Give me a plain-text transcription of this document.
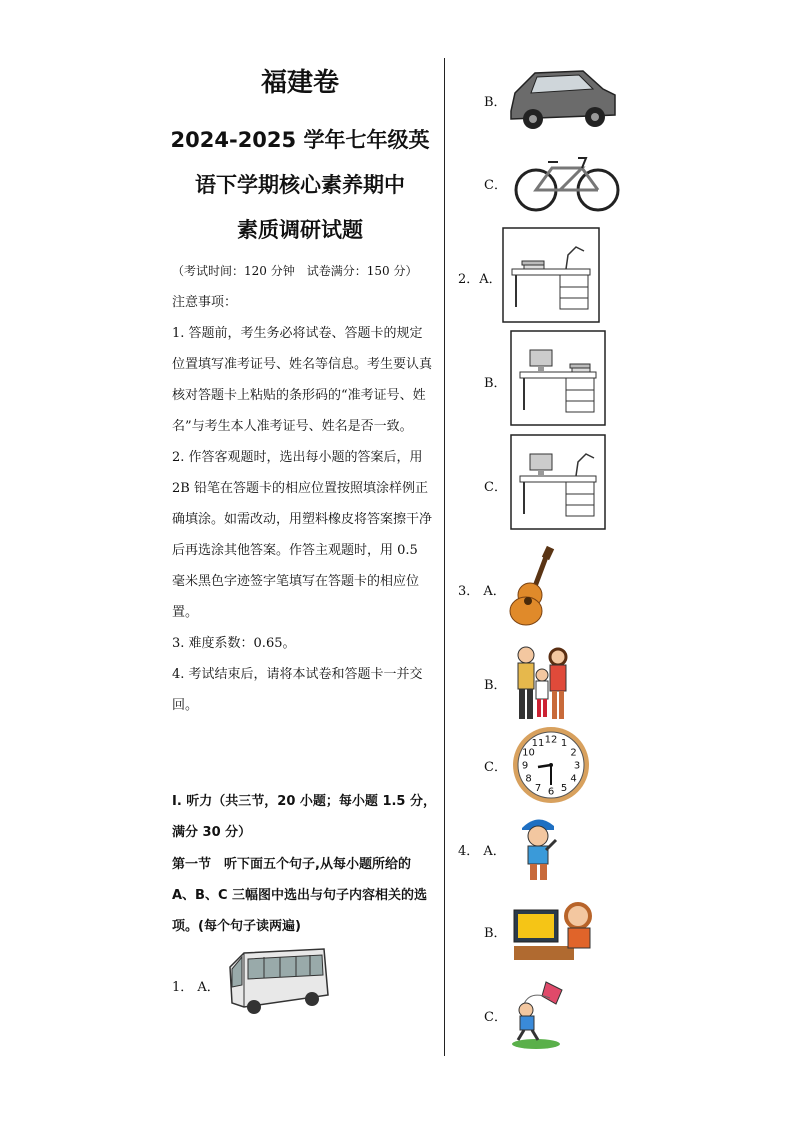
福建卷
2024-2025 学年七年级英
语下学期核心素养期中
素质调研试题
（考试时间：120 分钟　试卷满分：150 分）
注意事项：
1. 答题前，考生务必将试卷、答题卡的规定位置填写准考证号、姓名等信息。考生要认真核对答题卡上粘贴的条形码的“准考证号、姓名”与考生本人准考证号、姓名是否一致。
2. 作答客观题时，选出每小题的答案后，用 2B 铅笔在答题卡的相应位置按照填涂样例正确填涂。如需改动，用塑料橡皮将答案擦干净后再选涂其他答案。作答主观题时，用 0.5 毫米黑色字迹签字笔填写在答题卡的相应位置。
3. 难度系数：0.65。
4. 考试结束后，请将本试卷和答题卡一并交回。
I. 听力（共三节，20 小题；每小题 1.5 分，满分 30 分）
第一节　听下面五个句子,从每小题所给的 A、B、C 三幅图中选出与句子内容相关的选项。(每个句子读两遍)
1． A．
B．
C．
2．A．
B．
C．
3． A．
B．
C．
12 1
2
3
4
5
6
7
8
9
10
11
4． A．
B．
C．
